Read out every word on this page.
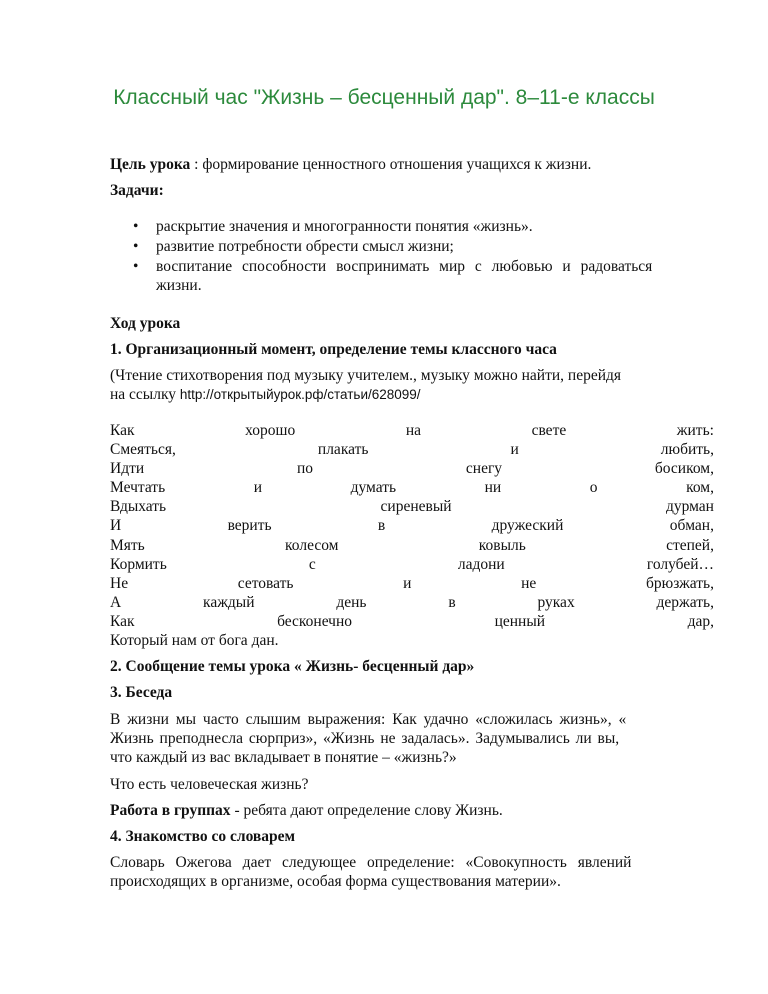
Классный час "Жизнь – бесценный дар". 8–11-е классы
Цель урока : формирование ценностного отношения учащихся к жизни.
Задачи:
• раскрытие значения и многогранности понятия «жизнь».
• развитие потребности обрести смысл жизни;
• воспитание способности воспринимать мир с любовью и радоваться
жизни.
Ход урока
1. Организационный момент, определение темы классного часа
(Чтение стихотворения под музыку учителем., музыку можно найти, перейдя
на ссылку http://открытыйурок.рф/статьи/628099/
Как	хорошо	на	свете	жить:
Смеяться,	плакать	и	любить,
Идти	по	снегу	босиком,
Мечтать	и	думать	ни	о	ком,
Вдыхать	сиреневый	дурман
И	верить	в	дружеский	обман,
Мять	колесом	ковыль	степей,
Кормить	с	ладони	голубей…
Не	сетовать	и	не	брюзжать,
А	каждый	день	в	руках	держать,
Как	бесконечно	ценный	дар,
Который нам от бога дан.
2. Сообщение темы урока « Жизнь- бесценный дар»
3. Беседа
В жизни мы часто слышим выражения: Как удачно «сложилась жизнь», «
Жизнь преподнесла сюрприз», «Жизнь не задалась». Задумывались ли вы,
что каждый из вас вкладывает в понятие – «жизнь?»
Что есть человеческая жизнь?
Работа в группах - ребята дают определение слову Жизнь.
4. Знакомство со словарем
Словарь Ожегова дает следующее определение: «Совокупность явлений
происходящих в организме, особая форма существования материи».
